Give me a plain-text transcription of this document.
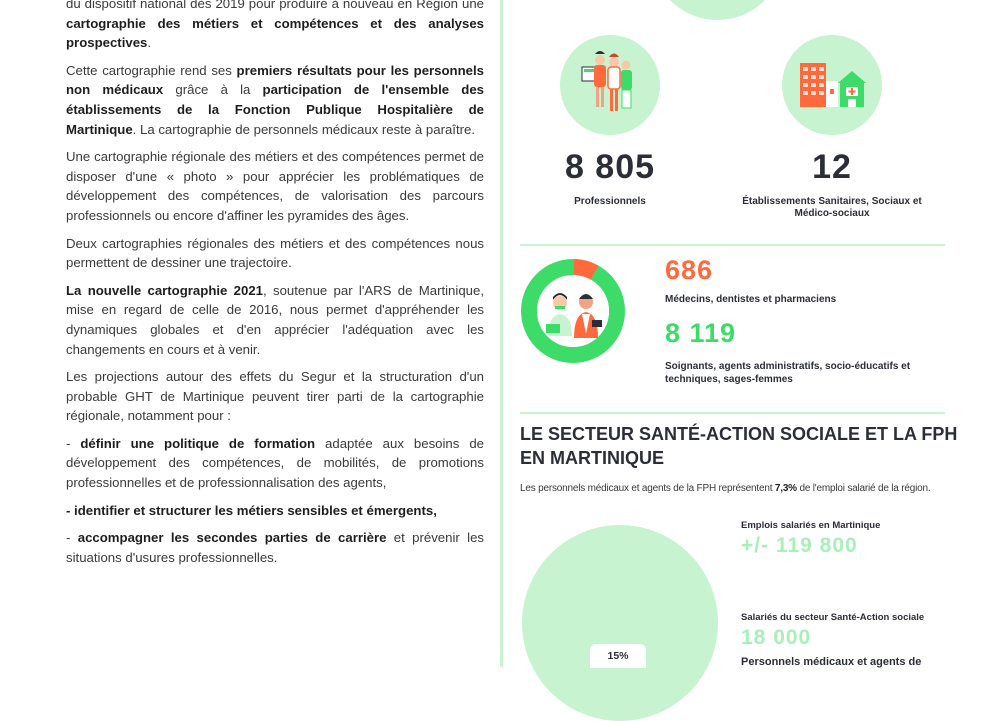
du dispositif national dès 2019 pour produire à nouveau en Région une cartographie des métiers et compétences et des analyses prospectives.

Cette cartographie rend ses premiers résultats pour les personnels non médicaux grâce à la participation de l'ensemble des établissements de la Fonction Publique Hospitalière de Martinique. La cartographie de personnels médicaux reste à paraître.

Une cartographie régionale des métiers et des compétences permet de disposer d'une « photo » pour apprécier les problématiques de développement des compétences, de valorisation des parcours professionnels ou encore d'affiner les pyramides des âges.

Deux cartographies régionales des métiers et des compétences nous permettent de dessiner une trajectoire.

La nouvelle cartographie 2021, soutenue par l'ARS de Martinique, mise en regard de celle de 2016, nous permet d'appréhender les dynamiques globales et d'en apprécier l'adéquation avec les changements en cours et à venir.

Les projections autour des effets du Segur et la structuration d'un probable GHT de Martinique peuvent tirer parti de la cartographie régionale, notamment pour :

- définir une politique de formation adaptée aux besoins de développement des compétences, de mobilités, de promotions professionnelles et de professionnalisation des agents,

- identifier et structurer les métiers sensibles et émergents,

- accompagner les secondes parties de carrière et prévenir les situations d'usures professionnelles.

8 805
Professionnels
12
Établissements Sanitaires, Sociaux et Médico-sociaux
686
Médecins, dentistes et pharmaciens
8 119
Soignants, agents administratifs, socio-éducatifs et techniques, sages-femmes
LE SECTEUR SANTÉ-ACTION SOCIALE ET LA FPH EN MARTINIQUE
Les personnels médicaux et agents de la FPH représentent 7,3% de l'emploi salarié de la région.
15%
Emplois salariés en Martinique
+/- 119 800
Salariés du secteur Santé-Action sociale
18 000
Personnels médicaux et agents de
